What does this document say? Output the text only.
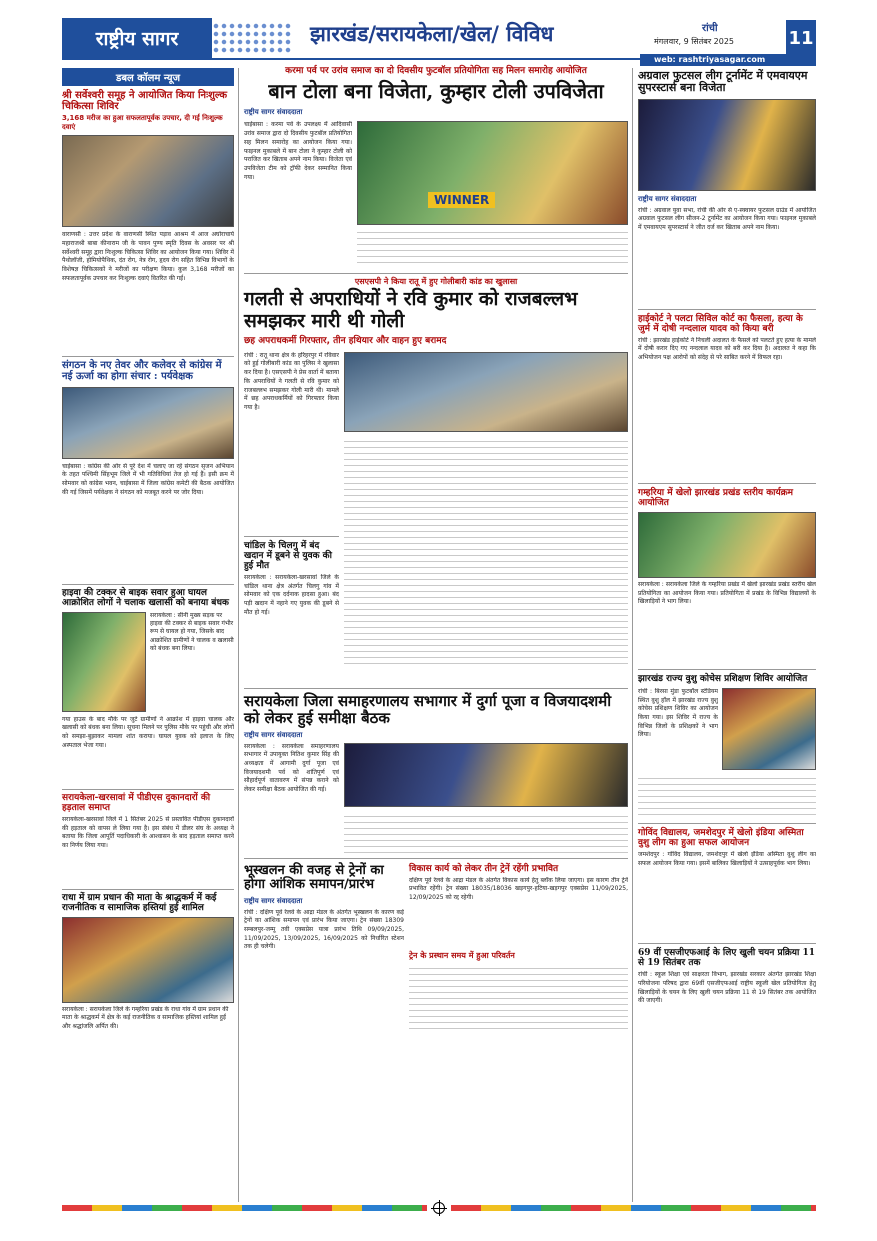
राष्ट्रीय सागर	झारखंड/सरायकेला/खेल/ विविध	रांची
मंगलवार, 9 सितंबर 2025	11
web: rashtriyasagar.com
डबल कॉलम न्यूज
श्री सर्वेश्वरी समूह ने आयोजित किया निःशुल्क चिकित्सा शिविर
3,168 मरीज का हुआ सफलतापूर्वक उपचार, दी गई निःशुल्क दवाएं
वाराणसी : उत्तर प्रदेश के वाराणसी स्थित पड़ाव आश्रम में आज अघोराचार्य महाराजश्री बाबा कीनाराम जी के पावन पुण्य स्मृति दिवस के अवसर पर श्री सर्वेश्वरी समूह द्वारा निःशुल्क चिकित्सा शिविर का आयोजन किया गया। शिविर में पैथोलॉजी, होमियोपैथिक, दंत रोग, नेत्र रोग, हृदय रोग सहित विभिन्न विभागों के विशेषज्ञ चिकित्सकों ने मरीजों का परीक्षण किया। कुल 3,168 मरीजों का सफलतापूर्वक उपचार कर निःशुल्क दवाएं वितरित की गईं।
संगठन के नए तेवर और कलेवर से कांग्रेस में नई ऊर्जा का होगा संचार : पर्यवेक्षक
चाईबासा : कांग्रेस की ओर से पूरे देश में चलाए जा रहे संगठन सृजन अभियान के तहत पश्चिमी सिंहभूम जिले में भी गतिविधियां तेज हो गई हैं। इसी क्रम में सोमवार को कांग्रेस भवन, चाईबासा में जिला कांग्रेस कमेटी की बैठक आयोजित की गई जिसमें पर्यवेक्षक ने संगठन को मजबूत करने पर जोर दिया।
हाइवा की टक्कर से बाइक सवार हुआ घायल आक्रोशित लोगों ने चलाक खलासी को बनाया बंधक
सरायकेला : सीनी मुख्य सड़क पर हाइवा की टक्कर से बाइक सवार गंभीर रूप से घायल हो गया, जिसके बाद आक्रोशित ग्रामीणों ने चालक व खलासी को बंधक बना लिया।
गया हाउस के बाद मौके पर जुटे ग्रामीणों ने आक्रोश में हाइवा चालक और खलासी को बंधक बना लिया। सूचना मिलने पर पुलिस मौके पर पहुंची और लोगों को समझा-बुझाकर मामला शांत कराया। घायल युवक को इलाज के लिए अस्पताल भेजा गया।
सरायकेला-खरसावां में पीडीएस दुकानदारों की हड़ताल समाप्त
सरायकेला-खरसावां जिले में 1 सितंबर 2025 से प्रस्तावित पीडीएस दुकानदारों की हड़ताल को वापस ले लिया गया है। इस संबंध में डीलर संघ के अध्यक्ष ने बताया कि जिला आपूर्ति पदाधिकारी के आश्वासन के बाद हड़ताल समाप्त करने का निर्णय लिया गया।
राधा में ग्राम प्रधान की माता के श्राद्धकर्म में कई राजनीतिक व सामाजिक हस्तियां हुई शामिल
सरायकेला : सरायकेला जिले के गम्हरिया प्रखंड के राधा गांव में ग्राम प्रधान की माता के श्राद्धकर्म में क्षेत्र के कई राजनीतिक व सामाजिक हस्तियां शामिल हुईं और श्रद्धांजलि अर्पित की।
करमा पर्व पर उरांव समाज का दो दिवसीय फुटबॉल प्रतियोगिता सह मिलन समारोह आयोजित
बान टोला बना विजेता, कुम्हार टोली उपविजेता
राष्ट्रीय सागर संवाददाता
चाईबासा : करमा पर्व के उपलक्ष्य में आदिवासी उरांव समाज द्वारा दो दिवसीय फुटबॉल प्रतियोगिता सह मिलन समारोह का आयोजन किया गया। फाइनल मुकाबले में बान टोला ने कुम्हार टोली को पराजित कर खिताब अपने नाम किया। विजेता एवं उपविजेता टीम को ट्रॉफी देकर सम्मानित किया गया।
WINNER
एसएसपी ने किया रातू में हुए गोलीबारी कांड का खुलासा
गलती से अपराधियों ने रवि कुमार को राजबल्लभ समझकर मारी थी गोली
छह अपराधकर्मी गिरफ्तार, तीन हथियार और वाहन हुए बरामद
रांची : रातू थाना क्षेत्र के हरिहरपुर में रविवार को हुई गोलीबारी कांड का पुलिस ने खुलासा कर दिया है। एसएसपी ने प्रेस वार्ता में बताया कि अपराधियों ने गलती से रवि कुमार को राजबल्लभ समझकर गोली मारी थी। मामले में छह अपराधकर्मियों को गिरफ्तार किया गया है।
चांडिल के चिलगु में बंद खदान में डूबने से युवक की हुई मौत
सरायकेला : सरायकेला-खरसावां जिले के चांडिल थाना क्षेत्र अंतर्गत चिलगु गांव में सोमवार को एक दर्दनाक हादसा हुआ। बंद पड़ी खदान में नहाने गए युवक की डूबने से मौत हो गई।
सरायकेला जिला समाहरणालय सभागार में दुर्गा पूजा व विजयादशमी को लेकर हुई समीक्षा बैठक
राष्ट्रीय सागर संवाददाता
सरायकेला : सरायकेला समाहरणालय सभागार में उपायुक्त नितिश कुमार सिंह की अध्यक्षता में आगामी दुर्गा पूजा एवं विजयादशमी पर्व को शांतिपूर्ण एवं सौहार्दपूर्ण वातावरण में संपन्न कराने को लेकर समीक्षा बैठक आयोजित की गई।
भूस्खलन की वजह से ट्रेनों का होगा आंशिक समापन/प्रारंभ
राष्ट्रीय सागर संवाददाता
रांची : दक्षिण पूर्व रेलवे के आद्रा मंडल के अंतर्गत भूस्खलन के कारण कई ट्रेनों का आंशिक समापन एवं प्रारंभ किया जाएगा। ट्रेन संख्या 18309 सम्बलपुर-जम्मू तवी एक्सप्रेस यात्रा प्रारंभ तिथि 09/09/2025, 11/09/2025, 13/09/2025, 16/09/2025 को निर्धारित स्टेशन तक ही चलेगी।
विकास कार्य को लेकर तीन ट्रेनें रहेंगी प्रभावित
दक्षिण पूर्व रेलवे के आद्रा मंडल के अंतर्गत विकास कार्य हेतु ब्लॉक लिया जाएगा। इस कारण तीन ट्रेनें प्रभावित रहेंगी। ट्रेन संख्या 18035/18036 खड़गपुर-हटिया-खड़गपुर एक्सप्रेस 11/09/2025, 12/09/2025 को रद्द रहेगी।
ट्रेन के प्रस्थान समय में हुआ परिवर्तन
अग्रवाल फुटसल लीग टूर्नामेंट में एमवायएम सुपरस्टार्स बना विजेता
राष्ट्रीय सागर संवाददाता
रांची : अग्रवाल युवा सभा, रांची की ओर से ए-स्क्वायर फुटसल ग्राउंड में आयोजित अग्रवाल फुटसल लीग सीजन-2 टूर्नामेंट का आयोजन किया गया। फाइनल मुकाबले में एमवायएम सुपरस्टार्स ने जीत दर्ज कर खिताब अपने नाम किया।
हाईकोर्ट ने पलटा सिविल कोर्ट का फैसला, हत्या के जुर्म में दोषी नन्दलाल यादव को किया बरी
रांची : झारखंड हाईकोर्ट ने निचली अदालत के फैसले को पलटते हुए हत्या के मामले में दोषी करार दिए गए नन्दलाल यादव को बरी कर दिया है। अदालत ने कहा कि अभियोजन पक्ष आरोपों को संदेह से परे साबित करने में विफल रहा।
गम्हरिया में खेलो झारखंड प्रखंड स्तरीय कार्यक्रम आयोजित
सरायकेला : सरायकेला जिले के गम्हरिया प्रखंड में खेलो झारखंड प्रखंड स्तरीय खेल प्रतियोगिता का आयोजन किया गया। प्रतियोगिता में प्रखंड के विभिन्न विद्यालयों के खिलाड़ियों ने भाग लिया।
झारखंड राज्य वुशु कोचेस प्रशिक्षण शिविर आयोजित
रांची : बिरसा मुंडा फुटबॉल स्टेडियम स्थित वुशु हॉल में झारखंड राज्य वुशु कोचेस प्रशिक्षण शिविर का आयोजन किया गया। इस शिविर में राज्य के विभिन्न जिलों के प्रशिक्षकों ने भाग लिया।
गोविंद विद्यालय, जमशेदपुर में खेलो इंडिया अस्मिता वुशु लीग का हुआ सफल आयोजन
जमशेदपुर : गोविंद विद्यालय, जमशेदपुर में खेलो इंडिया अस्मिता वुशु लीग का सफल आयोजन किया गया। इसमें बालिका खिलाड़ियों ने उत्साहपूर्वक भाग लिया।
69 वीं एसजीएफआई के लिए खुली चयन प्रक्रिया 11 से 19 सितंबर तक
रांची : स्कूल शिक्षा एवं साक्षरता विभाग, झारखंड सरकार अंतर्गत झारखंड शिक्षा परियोजना परिषद द्वारा 69वीं एसजीएफआई राष्ट्रीय स्कूली खेल प्रतियोगिता हेतु खिलाड़ियों के चयन के लिए खुली चयन प्रक्रिया 11 से 19 सितंबर तक आयोजित की जाएगी।
